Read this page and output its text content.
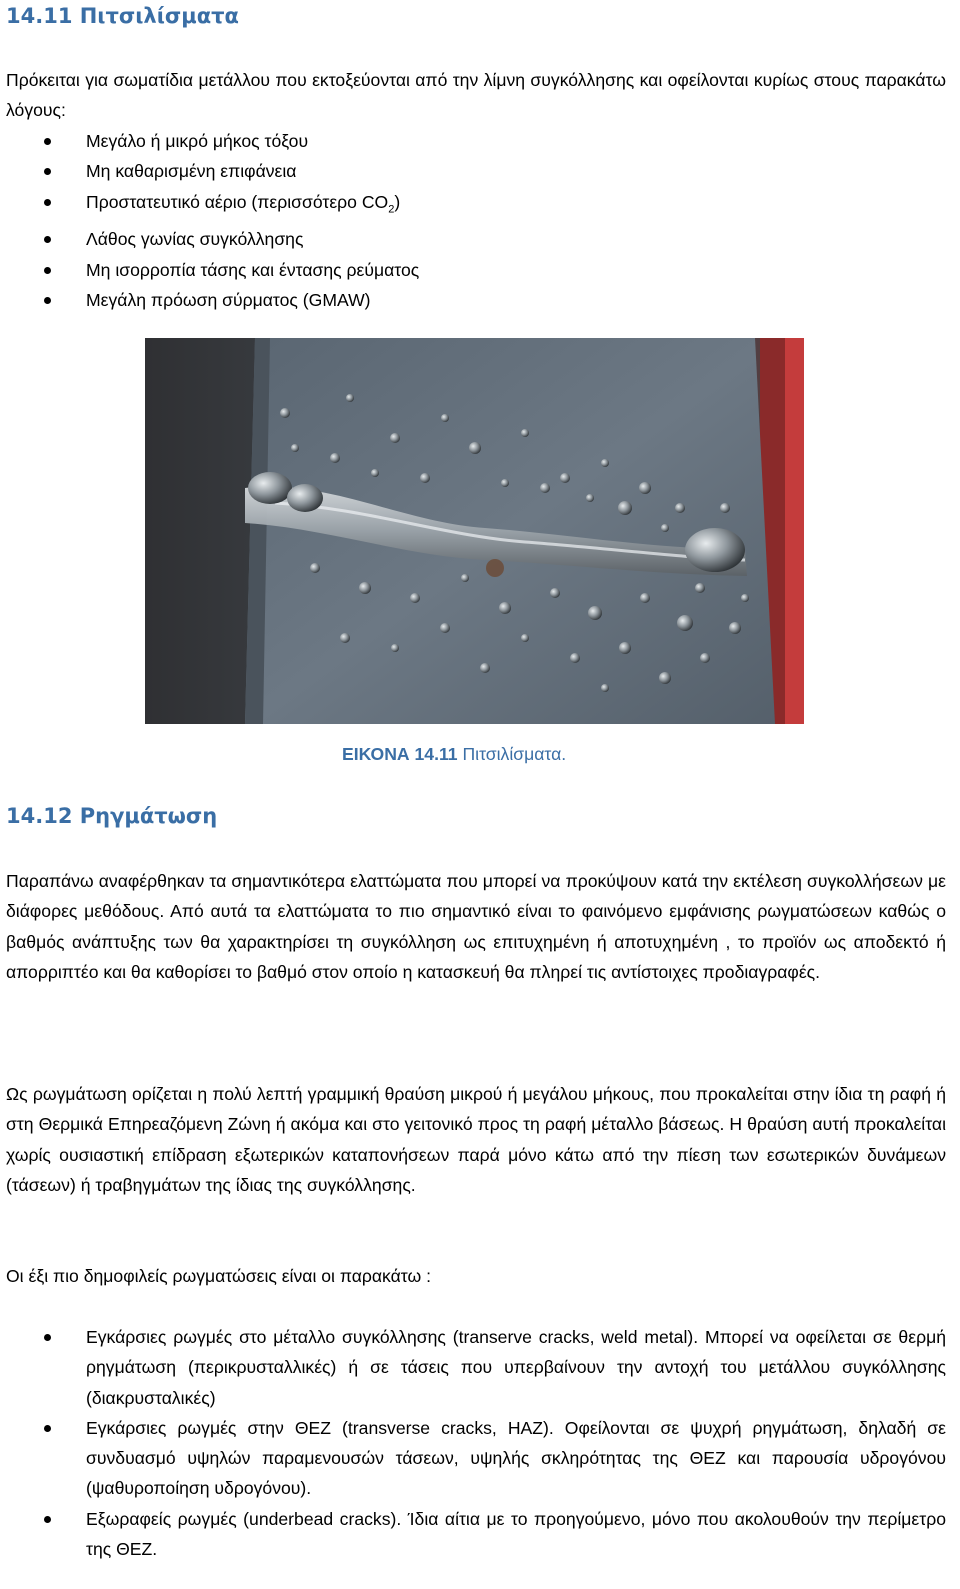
14.11 Πιτσιλίσματα

Πρόκειται για σωματίδια μετάλλου που εκτοξεύονται από την λίμνη συγκόλλησης και οφείλονται κυρίως στους παρακάτω λόγους:

Μεγάλο ή μικρό μήκος τόξου
Μη καθαρισμένη επιφάνεια
Προστατευτικό αέριο (περισσότερο $CO_2$)
Λάθος γωνίας συγκόλλησης
Μη ισορροπία τάσης και έντασης ρεύματος
Μεγάλη πρόωση σύρματος (GMAW)
ΕΙΚΟΝΑ 14.11 Πιτσιλίσματα.
14.12 Ρηγμάτωση

Παραπάνω αναφέρθηκαν τα σημαντικότερα ελαττώματα που μπορεί να προκύψουν κατά την εκτέλεση συγκολλήσεων με διάφορες μεθόδους. Από αυτά τα ελαττώματα το πιο σημαντικό είναι το φαινόμενο εμφάνισης ρωγματώσεων καθώς ο βαθμός ανάπτυξης των θα χαρακτηρίσει τη συγκόλληση ως επιτυχημένη ή αποτυχημένη , το προϊόν ως αποδεκτό ή απορριπτέο και θα καθορίσει το βαθμό στον οποίο η κατασκευή θα πληρεί τις αντίστοιχες προδιαγραφές.

Ως ρωγμάτωση ορίζεται η πολύ λεπτή γραμμική θραύση μικρού ή μεγάλου μήκους, που προκαλείται στην ίδια τη ραφή ή στη Θερμικά Επηρεαζόμενη Ζώνη ή ακόμα και στο γειτονικό προς τη ραφή μέταλλο βάσεως. Η θραύση αυτή προκαλείται χωρίς ουσιαστική επίδραση εξωτερικών καταπονήσεων παρά μόνο κάτω από την πίεση των εσωτερικών δυνάμεων (τάσεων) ή τραβηγμάτων της ίδιας της συγκόλλησης.

Οι έξι πιο δημοφιλείς ρωγματώσεις είναι οι παρακάτω :

Εγκάρσιες ρωγμές στο μέταλλο συγκόλλησης (transerve cracks, weld metal). Μπορεί να οφείλεται σε θερμή ρηγμάτωση (περικρυσταλλικές) ή σε τάσεις που υπερβαίνουν την αντοχή του μετάλλου συγκόλλησης (διακρυσταλικές)
Εγκάρσιες ρωγμές στην ΘΕΖ (transverse cracks, HAZ). Οφείλονται σε ψυχρή ρηγμάτωση, δηλαδή σε συνδυασμό υψηλών παραμενουσών τάσεων, υψηλής σκληρότητας της ΘΕΖ και παρουσία υδρογόνου (ψαθυροποίηση υδρογόνου).
Εξωραφείς ρωγμές (underbead cracks). Ίδια αίτια με το προηγούμενο, μόνο που ακολουθούν την περίμετρο της ΘΕΖ.
